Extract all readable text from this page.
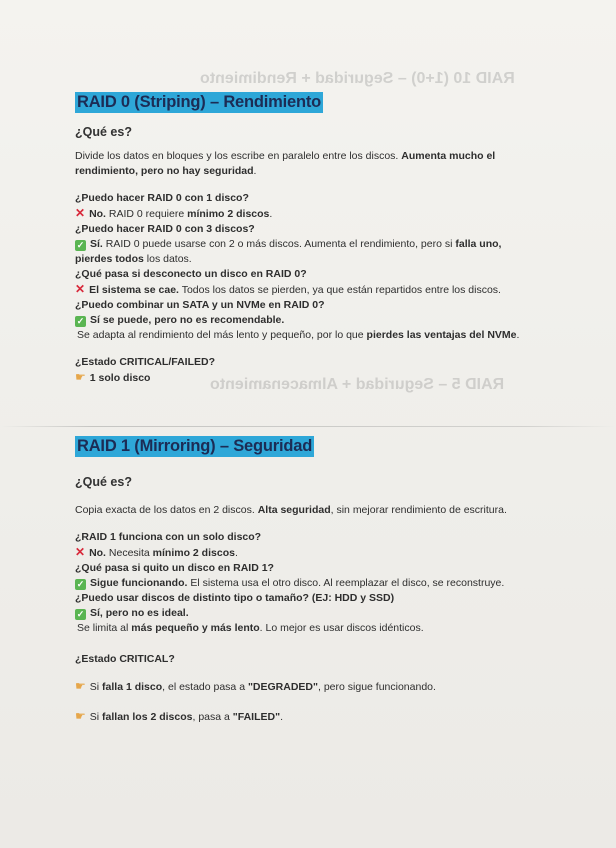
RAID 10 (1+0) – Seguridad + Rendimiento
RAID 5 – Seguridad + Almacenamiento
RAID 0 (Striping) – Rendimiento
¿Qué es?

Divide los datos en bloques y los escribe en paralelo entre los discos. Aumenta mucho el rendimiento, pero no hay seguridad.

¿Puedo hacer RAID 0 con 1 disco?
✕ No. RAID 0 requiere mínimo 2 discos.
¿Puedo hacer RAID 0 con 3 discos?
✓ Sí. RAID 0 puede usarse con 2 o más discos. Aumenta el rendimiento, pero si falla uno, pierdes todos los datos.
¿Qué pasa si desconecto un disco en RAID 0?
✕ El sistema se cae. Todos los datos se pierden, ya que están repartidos entre los discos.
¿Puedo combinar un SATA y un NVMe en RAID 0?
✓ Sí se puede, pero no es recomendable.
Se adapta al rendimiento del más lento y pequeño, por lo que pierdes las ventajas del NVMe.
¿Estado CRITICAL/FAILED?
☛ 1 solo disco
RAID 1 (Mirroring) – Seguridad
¿Qué es?

Copia exacta de los datos en 2 discos. Alta seguridad, sin mejorar rendimiento de escritura.

¿RAID 1 funciona con un solo disco?
✕ No. Necesita mínimo 2 discos.
¿Qué pasa si quito un disco en RAID 1?
✓ Sigue funcionando. El sistema usa el otro disco. Al reemplazar el disco, se reconstruye.
¿Puedo usar discos de distinto tipo o tamaño? (EJ: HDD y SSD)
✓ Sí, pero no es ideal.
Se limita al más pequeño y más lento. Lo mejor es usar discos idénticos.
¿Estado CRITICAL?
☛ Si falla 1 disco, el estado pasa a "DEGRADED", pero sigue funcionando.
☛ Si fallan los 2 discos, pasa a "FAILED".
